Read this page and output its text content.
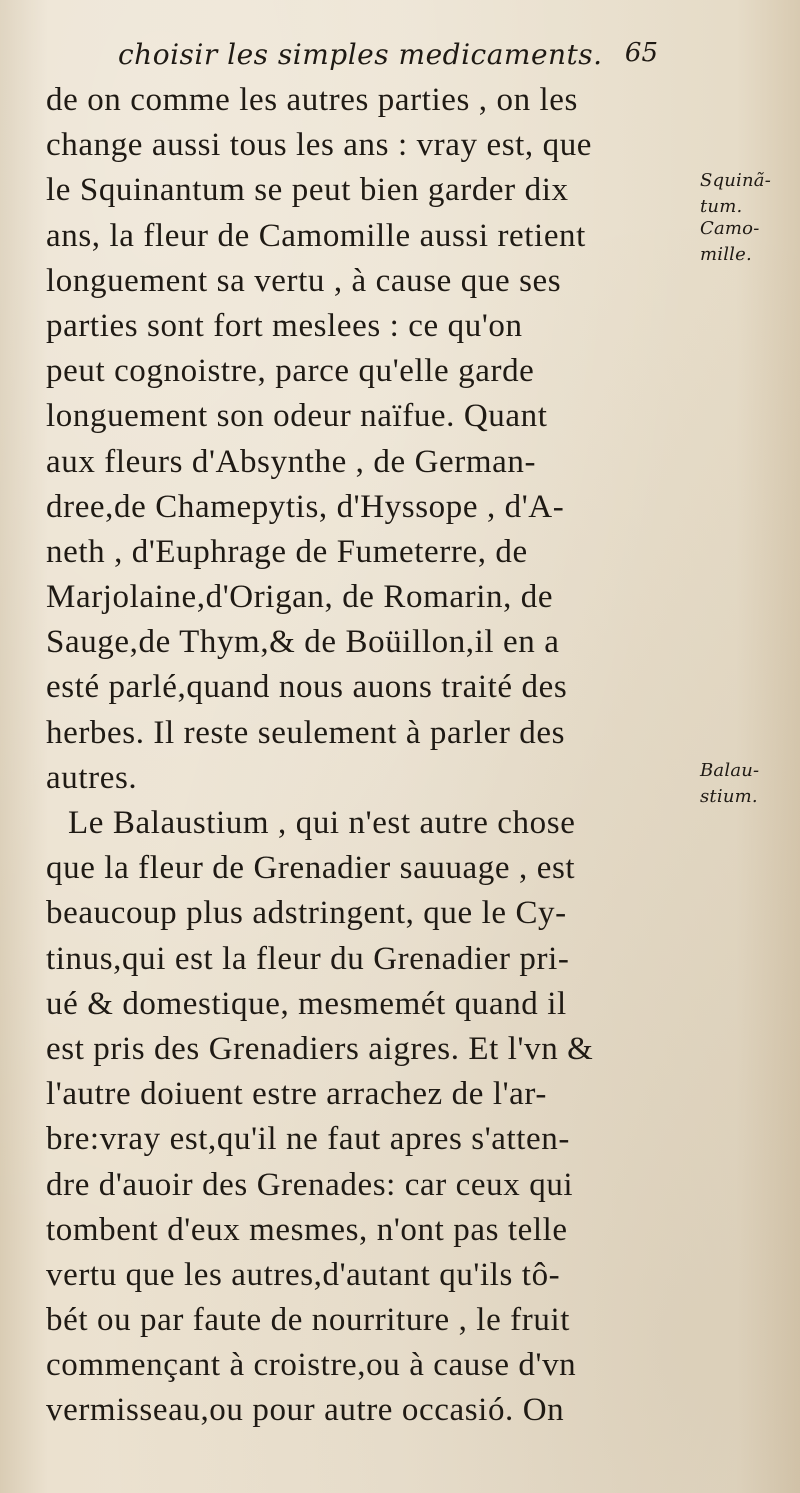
choisir les simples medicaments. 65
de on comme les autres parties , on les
change aussi tous les ans : vray est, que
le Squinantum se peut bien garder dix
ans, la fleur de Camomille aussi retient
longuement sa vertu , à cause que ses
parties sont fort meslees : ce qu'on
peut cognoistre, parce qu'elle garde
longuement son odeur naïfue. Quant
aux fleurs d'Absynthe , de German-
dree,de Chamepytis, d'Hyssope , d'A-
neth , d'Euphrage de Fumeterre, de
Marjolaine,d'Origan, de Romarin, de
Sauge,de Thym,& de Boüillon,il en a
esté parlé,quand nous auons traité des
herbes. Il reste seulement à parler des
autres.
Le Balaustium , qui n'est autre chose
que la fleur de Grenadier sauuage , est
beaucoup plus adstringent, que le Cy-
tinus,qui est la fleur du Grenadier pri-
ué & domestique, mesmemét quand il
est pris des Grenadiers aigres. Et l'vn &
l'autre doiuent estre arrachez de l'ar-
bre:vray est,qu'il ne faut apres s'atten-
dre d'auoir des Grenades: car ceux qui
tombent d'eux mesmes, n'ont pas telle
vertu que les autres,d'autant qu'ils tô-
bét ou par faute de nourriture , le fruit
commençant à croistre,ou à cause d'vn
vermisseau,ou pour autre occasió. On
Squinã-
tum.
Camo-
mille.
Balau-
stium.
